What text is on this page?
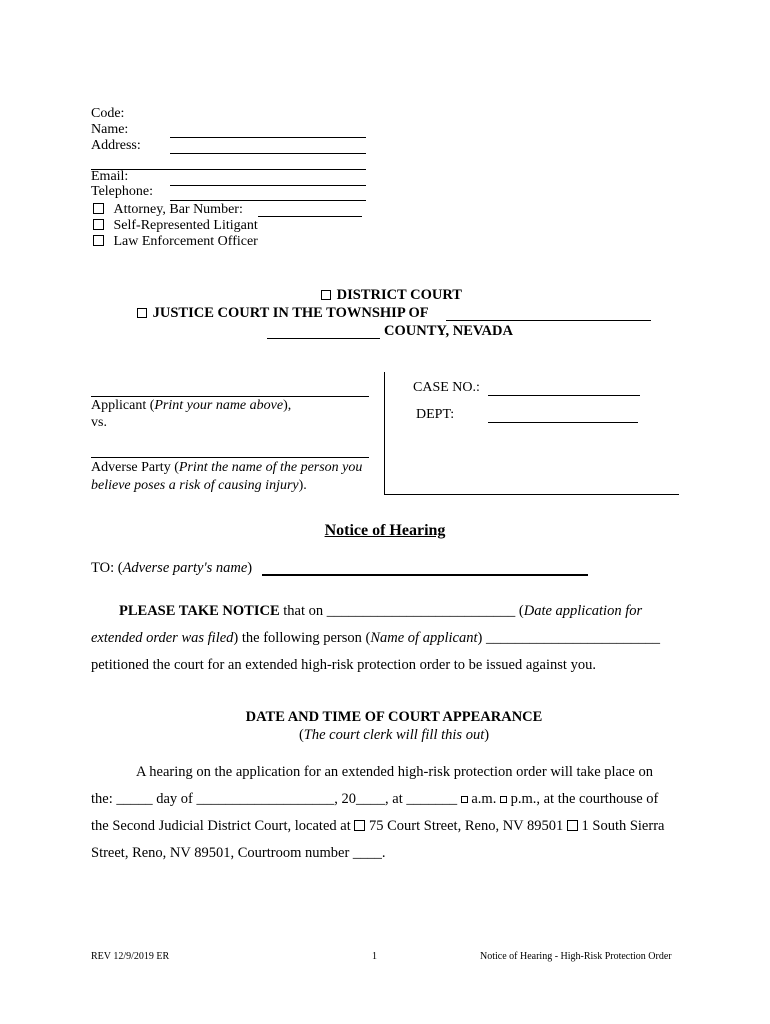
Code:
Name:
Address:
Email:
Telephone:
Attorney, Bar Number:
Self-Represented Litigant
Law Enforcement Officer
DISTRICT COURT
JUSTICE COURT IN THE TOWNSHIP OF
COUNTY, NEVADA
Applicant (Print your name above),
vs.
Adverse Party (Print the name of the person you
believe poses a risk of causing injury).
CASE NO.:
DEPT:
Notice of Hearing
TO: (Adverse party's name)
PLEASE TAKE NOTICE that on __________________________ (Date application for
extended order was filed) the following person (Name of applicant) ________________________
petitioned the court for an extended high-risk protection order to be issued against you.
DATE AND TIME OF COURT APPEARANCE
(The court clerk will fill this out)
A hearing on the application for an extended high-risk protection order will take place on
the: _____ day of ___________________, 20____, at _______  a.m.  p.m., at the courthouse of
the Second Judicial District Court, located at  75 Court Street, Reno, NV 89501  1 South Sierra
Street, Reno, NV 89501, Courtroom number ____.
REV 12/9/2019 ER	1	Notice of Hearing - High-Risk Protection Order
